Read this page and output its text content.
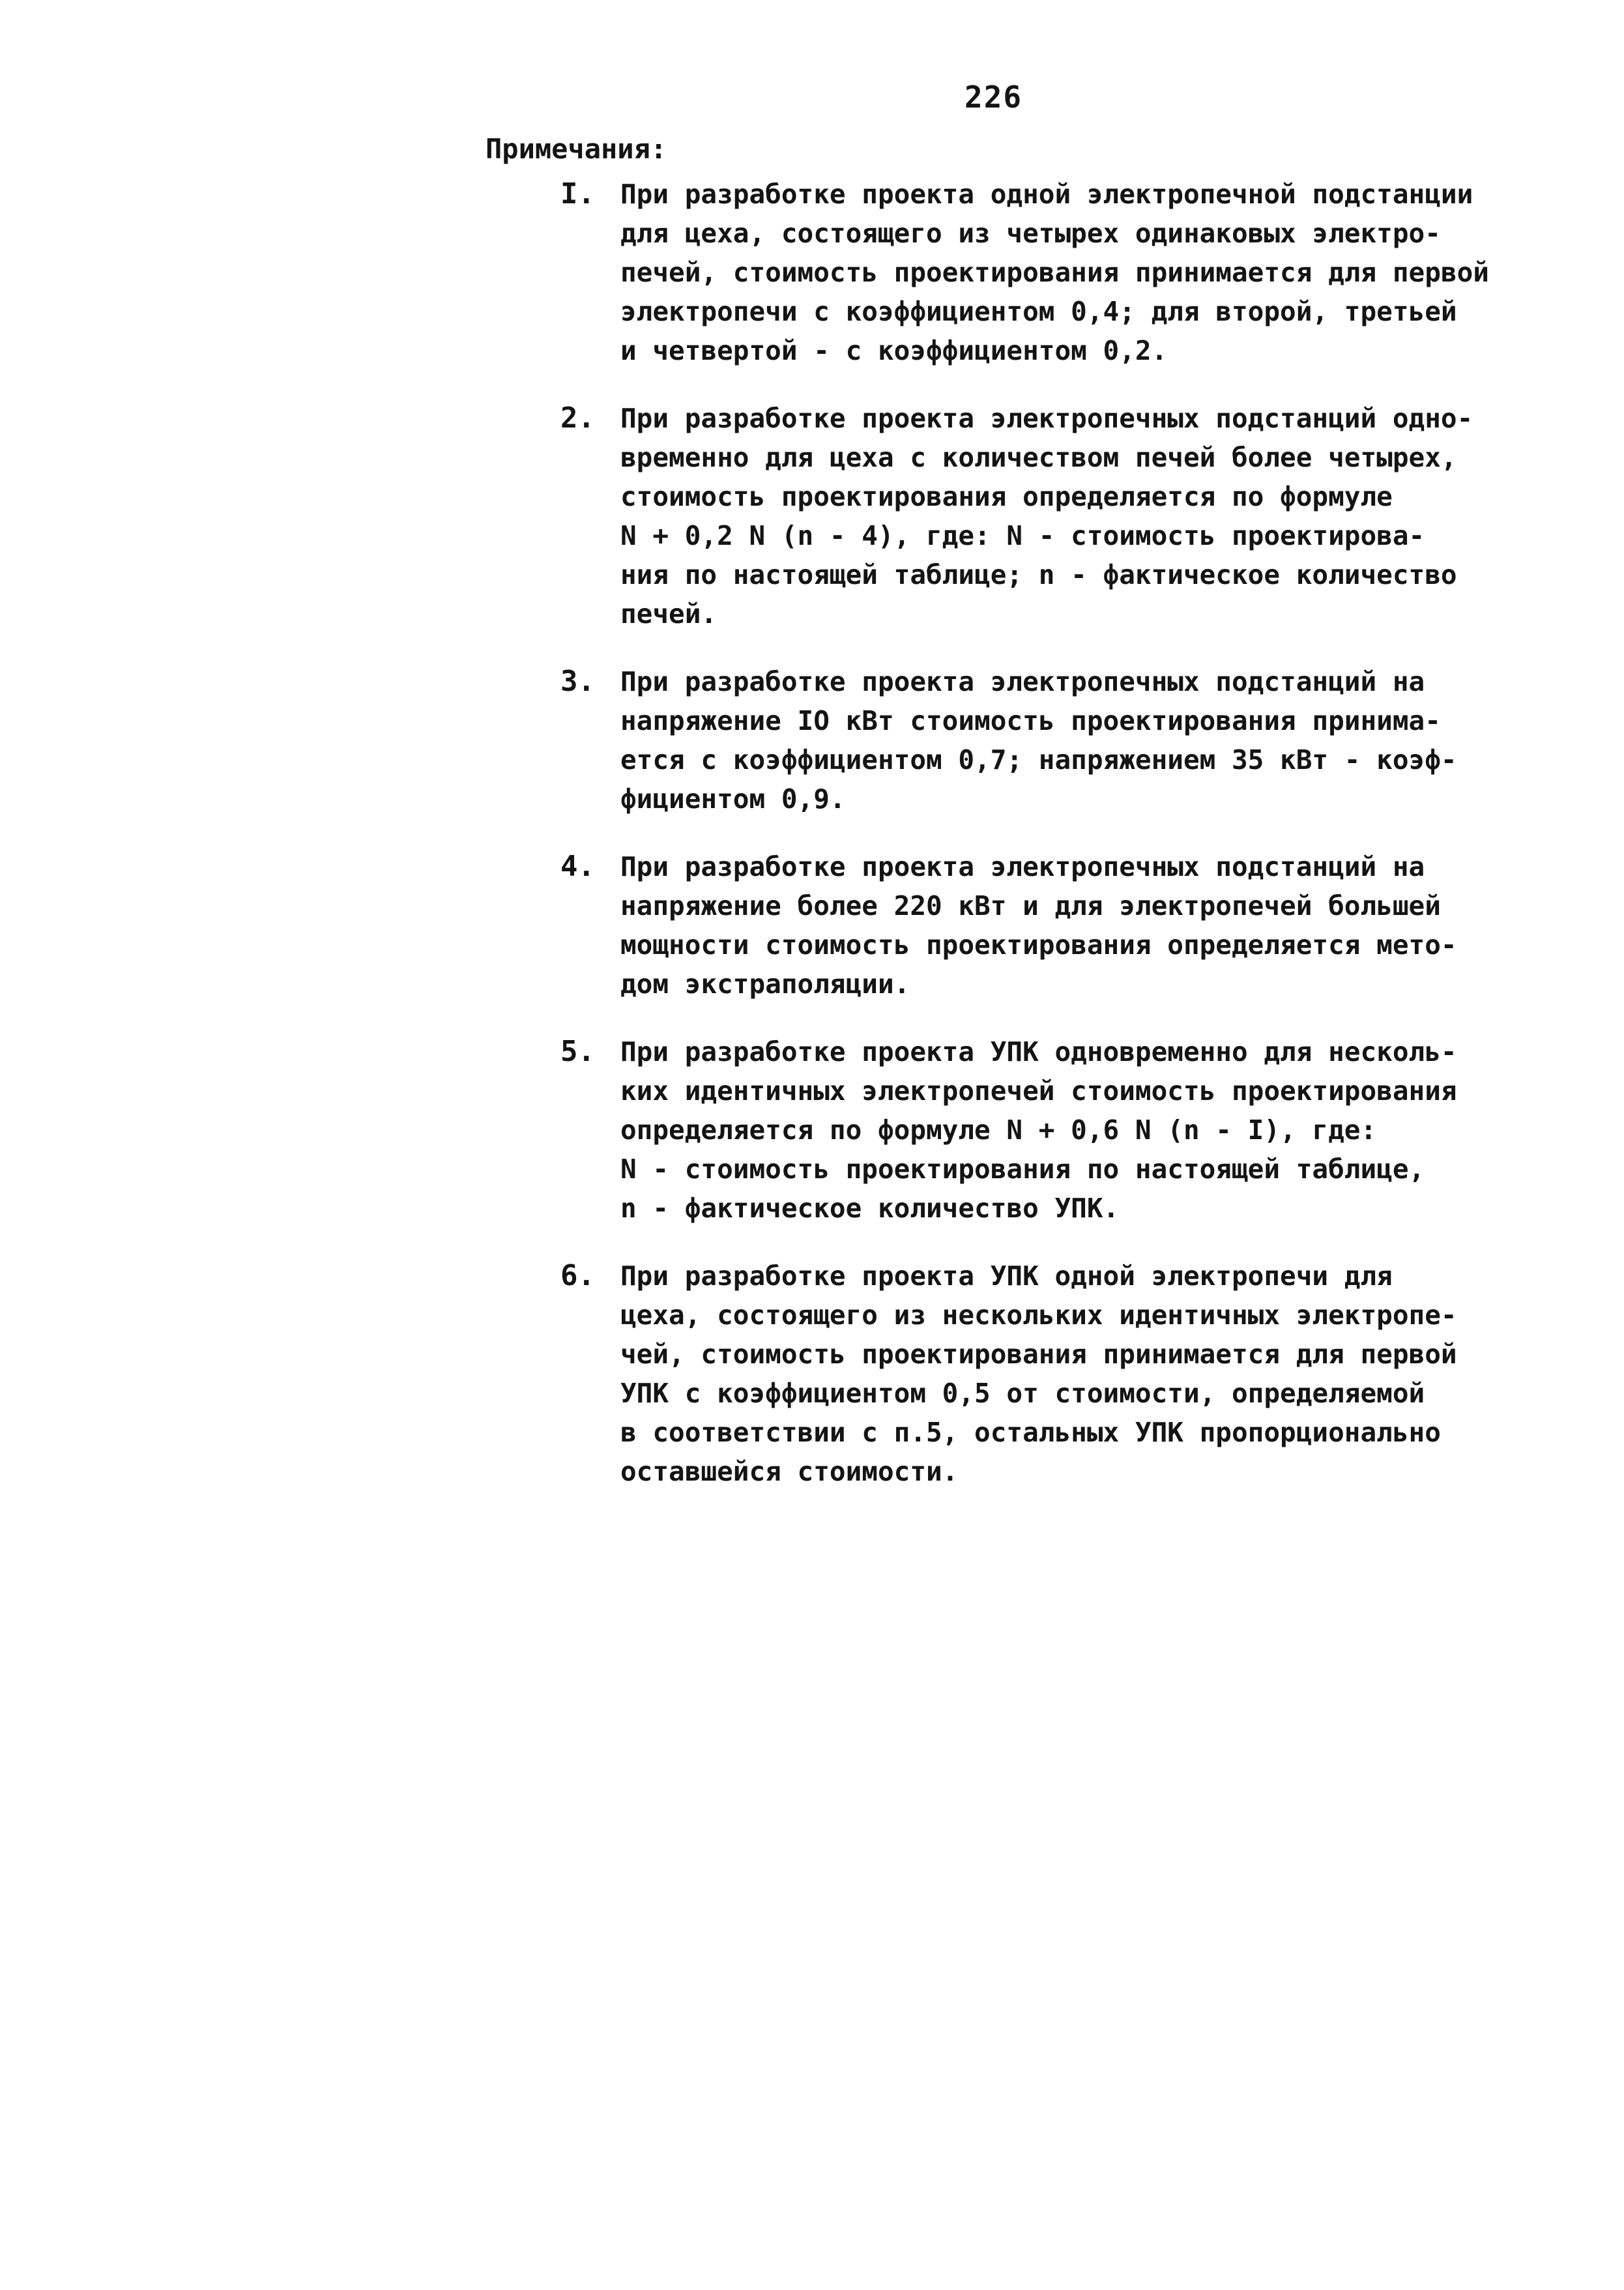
226
Примечания:
I. При разработке проекта одной электропечной подстанции
для цеха, состоящего из четырех одинаковых электро-
печей, стоимость проектирования принимается для первой
электропечи с коэффициентом 0,4; для второй, третьей
и четвертой - с коэффициентом 0,2.
2. При разработке проекта электропечных подстанций одно-
временно для цеха с количеством печей более четырех,
стоимость проектирования определяется по формуле
N + 0,2 N (n - 4), где: N - стоимость проектирова-
ния по настоящей таблице; n - фактическое количество
печей.
3. При разработке проекта электропечных подстанций на
напряжение IO кВт стоимость проектирования принима-
ется с коэффициентом 0,7; напряжением 35 кВт - коэф-
фициентом 0,9.
4. При разработке проекта электропечных подстанций на
напряжение более 220 кВт и для электропечей большей
мощности стоимость проектирования определяется мето-
дом экстраполяции.
5. При разработке проекта УПК одновременно для несколь-
ких идентичных электропечей стоимость проектирования
определяется по формуле N + 0,6 N (n - I), где:
N - стоимость проектирования по настоящей таблице,
n - фактическое количество УПК.
6. При разработке проекта УПК одной электропечи для
цеха, состоящего из нескольких идентичных электропе-
чей, стоимость проектирования принимается для первой
УПК с коэффициентом 0,5 от стоимости, определяемой
в соответствии с п.5, остальных УПК пропорционально
оставшейся стоимости.
